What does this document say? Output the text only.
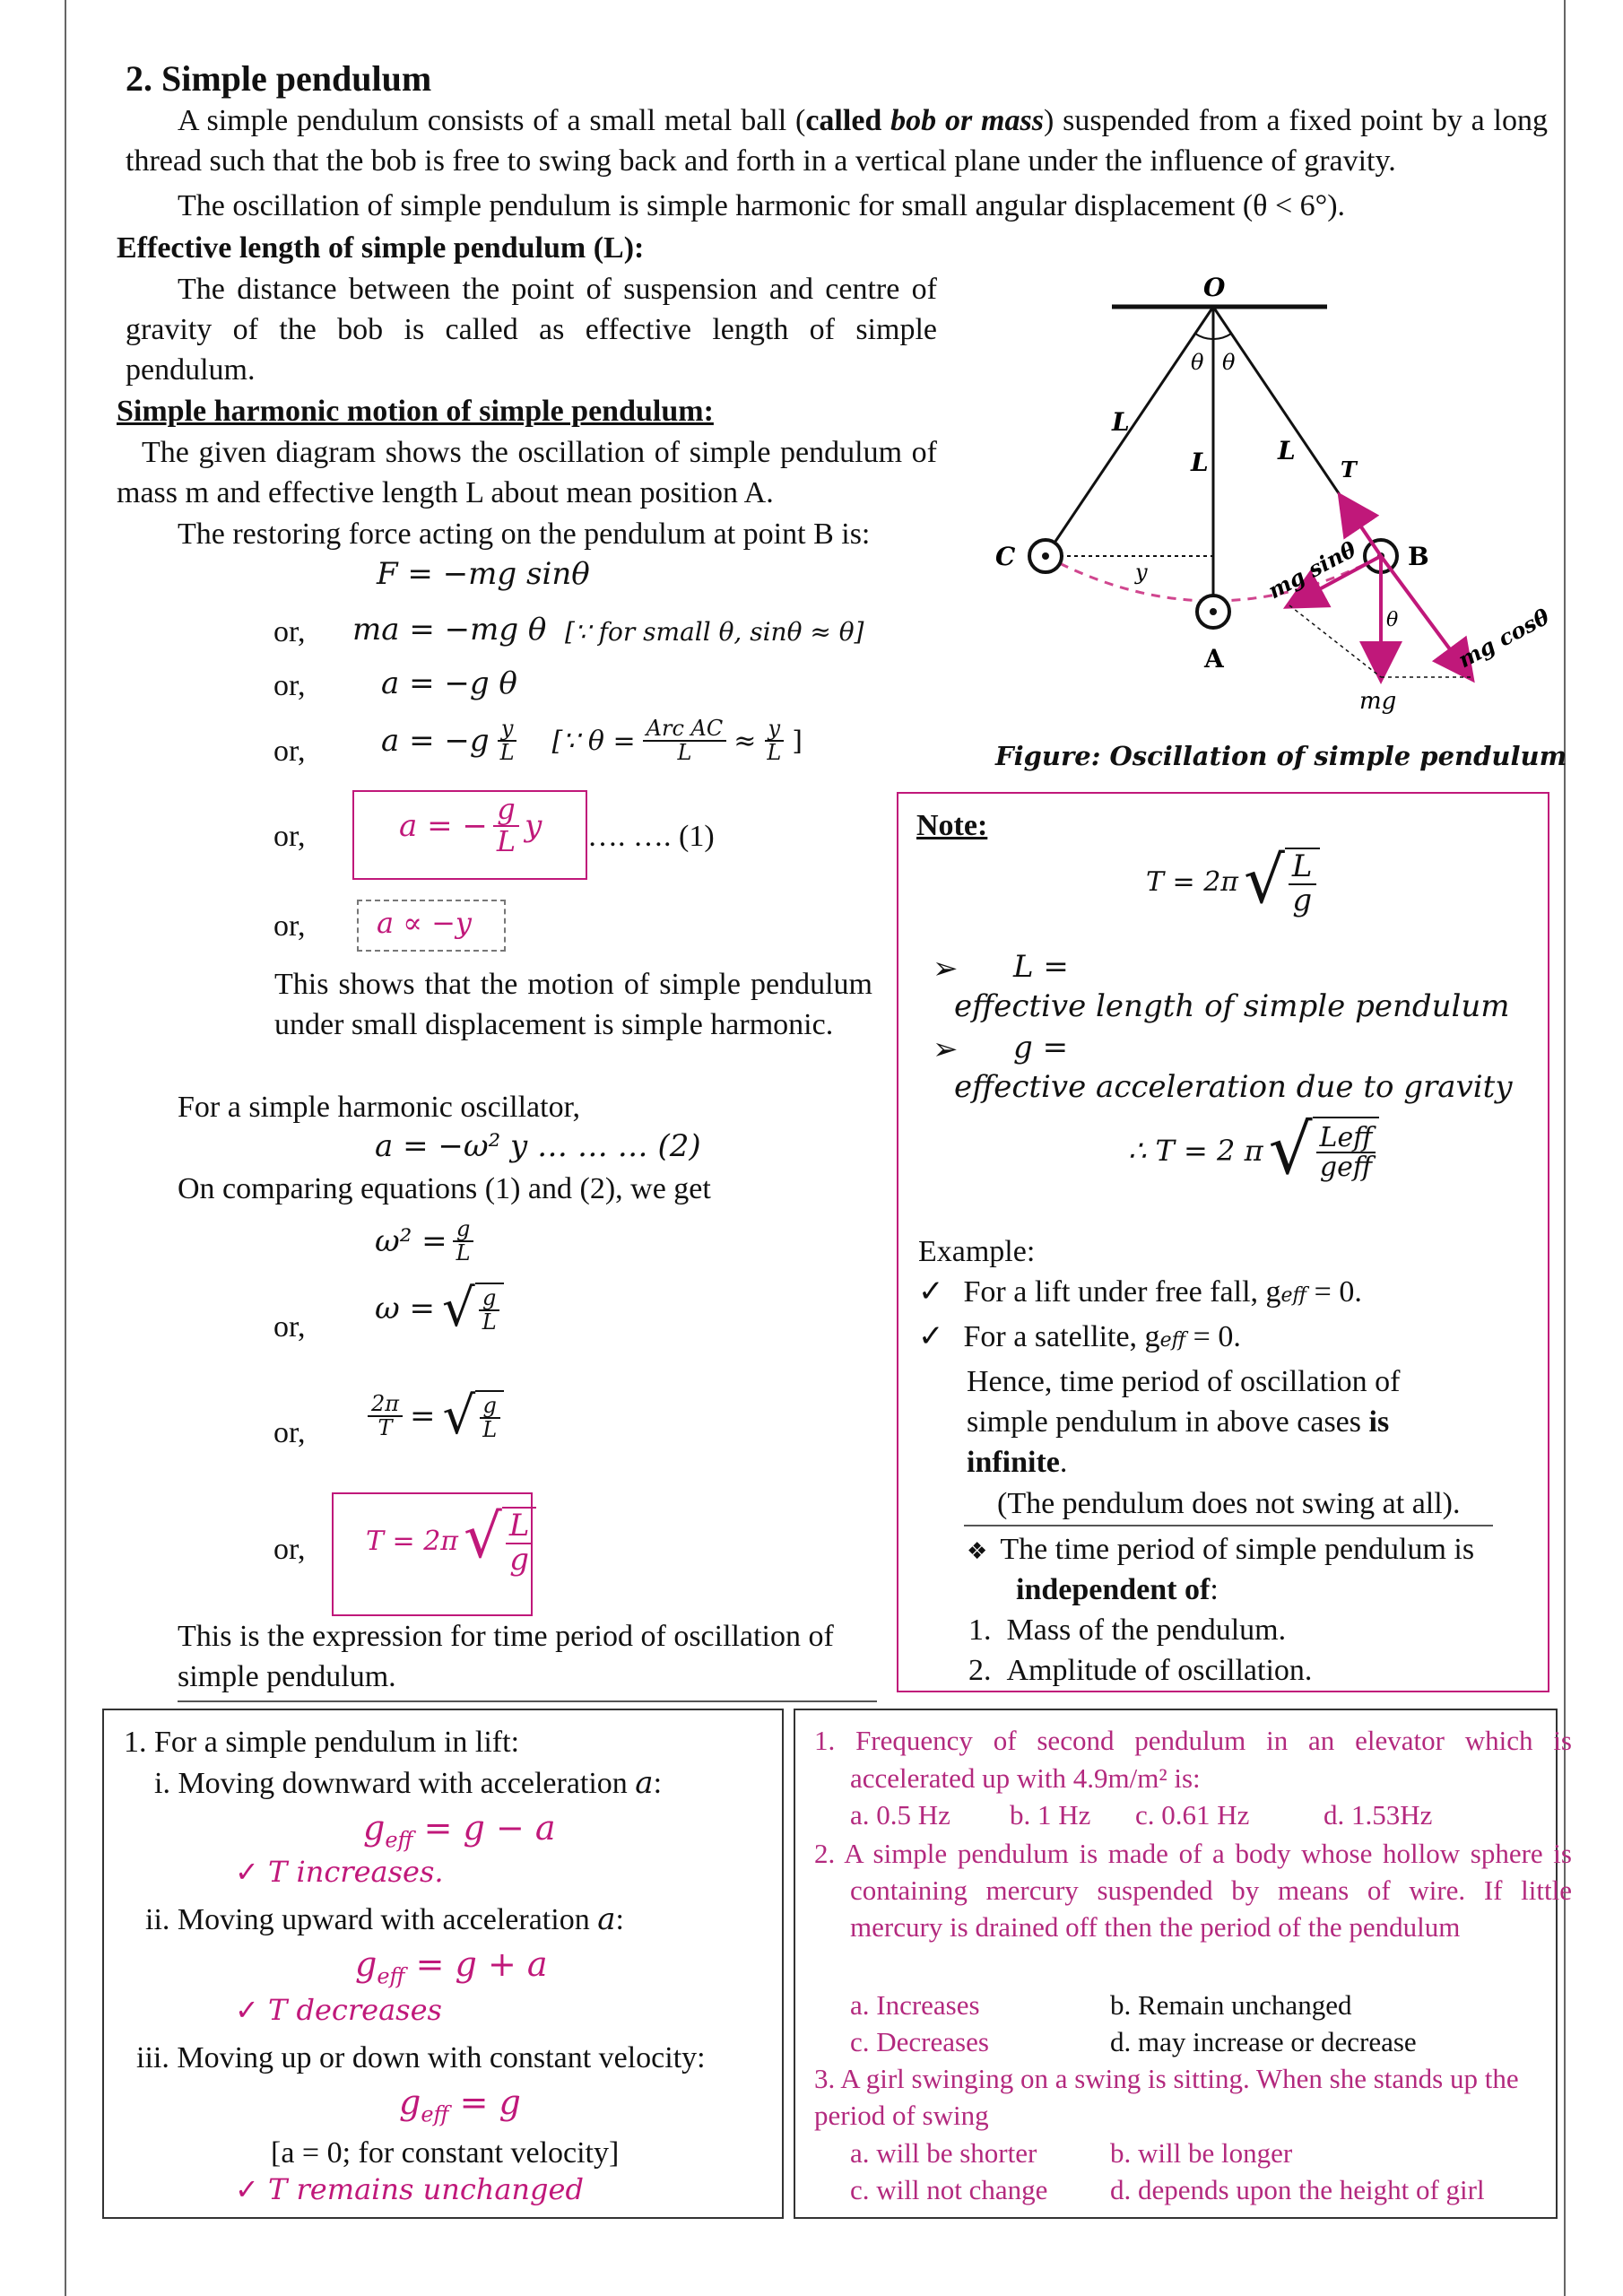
2. Simple pendulum
A simple pendulum consists of a small metal ball (called bob or mass) suspended from a fixed point by a long thread such that the bob is free to swing back and forth in a vertical plane under the influence of gravity.
The oscillation of simple pendulum is simple harmonic for small angular displacement (θ < 6°).
Effective length of simple pendulum (L):
The distance between the point of suspension and centre of gravity of the bob is called as effective length of simple pendulum.
Simple harmonic motion of simple pendulum:
The given diagram shows the oscillation of simple pendulum of mass m and effective length L about mean position A.
The restoring force acting on the pendulum at point B is:
F = −mg sinθ
or, ma = −mg θ [∵ for small θ, sinθ ≈ θ]
or, a = −g θ
or, $a = -g \frac{y}{L}$ [∵ $\theta = \frac{\text{Arc AC}}{L} \approx \frac{y}{L}$ ]
or,	a = − $\frac{g}{L}$ y …. …. (1)
or, a ∝ −y
This shows that the motion of simple pendulum under small displacement is simple harmonic.
For a simple harmonic oscillator,
a = −ω² y … … … (2)
On comparing equations (1) and (2), we get
$\omega^2 = \frac{g}{L}$
or,
ω = √ $\frac{g}{L}$
or,	$\frac{2\pi}{T}$ = √ $\frac{g}{L}$
or, T = 2π √ $\frac{L}{g}$
This is the expression for time period of oscillation of simple pendulum.
O
θ θ
L
L	L
T
C
y
A
B
mg sinθ
θ	mg cosθ
mg
Figure: Oscillation of simple pendulum
Note:
T = 2π √ $\frac{L}{g}$
➢ L =
effective length of simple pendulum
➢ g =
effective acceleration due to gravity
∴ T = 2 π √ $\frac{\text{Leff}}{\text{geff}}$
Example:
✓ For a lift under free fall, geff = 0.
✓ For a satellite, geff = 0.
Hence, time period of oscillation of simple pendulum in above cases is infinite.
(The pendulum does not swing at all).
❖ The time period of simple pendulum is
independent of:
1.  Mass of the pendulum.
2.  Amplitude of oscillation.
1. For a simple pendulum in lift:
i. Moving downward with acceleration a:
$g_{eff} = g - a$
✓ T increases.
ii. Moving upward with acceleration a:
$g_{eff} = g + a$
✓ T decreases
iii. Moving up or down with constant velocity:
$g_{eff} = g$
[a = 0; for constant velocity]
✓ T remains unchanged
1. Frequency of second pendulum in an elevator which is accelerated up with 4.9m/m² is:
a. 0.5 Hz	b. 1 Hz	c. 0.61 Hz	d. 1.53Hz
2. A simple pendulum is made of a body whose hollow sphere is containing mercury suspended by means of wire. If little mercury is drained off then the period of the pendulum
a. Increases	b. Remain unchanged
c. Decreases	d. may increase or decrease
3. A girl swinging on a swing is sitting. When she stands up the period of swing
a. will be shorter	b. will be longer
c. will not change	d. depends upon the height of girl
